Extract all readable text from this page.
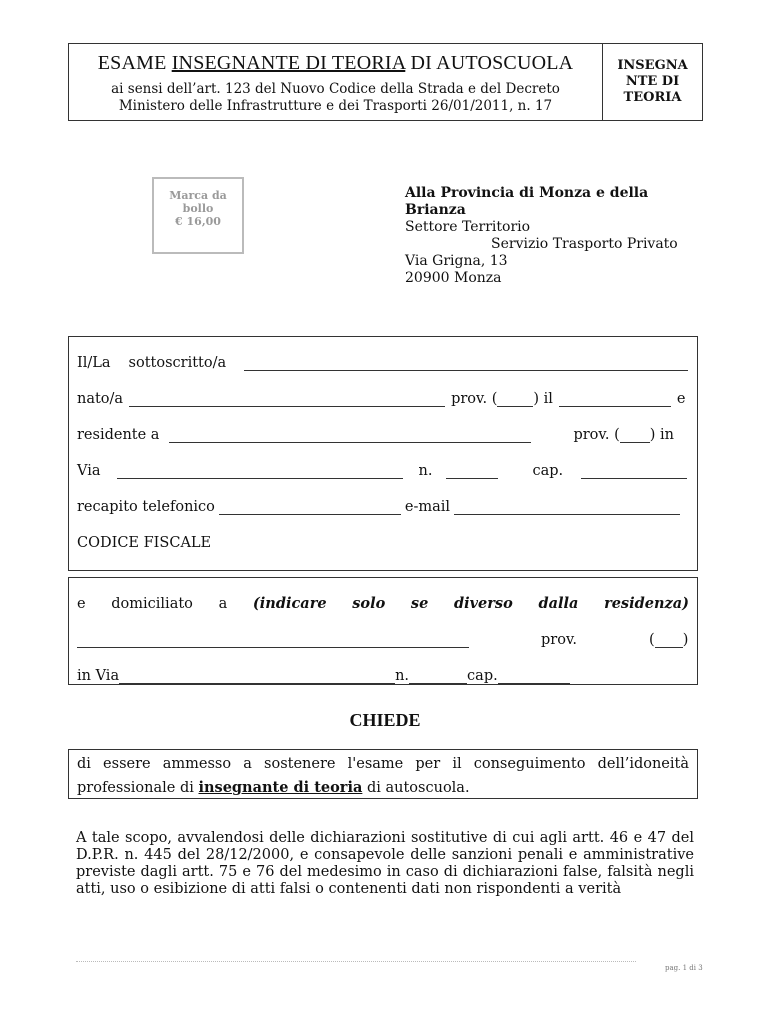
ESAME INSEGNANTE DI TEORIA DI AUTOSCUOLA
ai sensi dell’art. 123 del Nuovo Codice della Strada e del Decreto
Ministero delle Infrastrutture e dei Trasporti 26/01/2011, n. 17
INSEGNA NTE DI TEORIA
Marca da
bollo
€ 16,00
Alla Provincia di Monza e della Brianza
Settore Territorio
Servizio Trasporto Privato
Via Grigna, 13
20900 Monza
Il/La sottoscritto/a
nato/a	prov. ( ) il	e
residente a	prov. ( ) in
Via	n.	cap.
recapito telefonico	e-mail
CODICE FISCALE
e domiciliato a (indicare solo se diverso dalla residenza)
prov.	( )
in Via	n.	cap.
CHIEDE
di essere ammesso a sostenere l'esame per il conseguimento dell’idoneità professionale di insegnante di teoria di autoscuola.
A tale scopo, avvalendosi delle dichiarazioni sostitutive di cui agli artt. 46 e 47 del D.P.R. n. 445 del 28/12/2000, e consapevole delle sanzioni penali e amministrative previste dagli artt. 75 e 76 del medesimo in caso di dichiarazioni false, falsità negli atti, uso o esibizione di atti falsi o contenenti dati non rispondenti a verità
pag. 1 di 3
